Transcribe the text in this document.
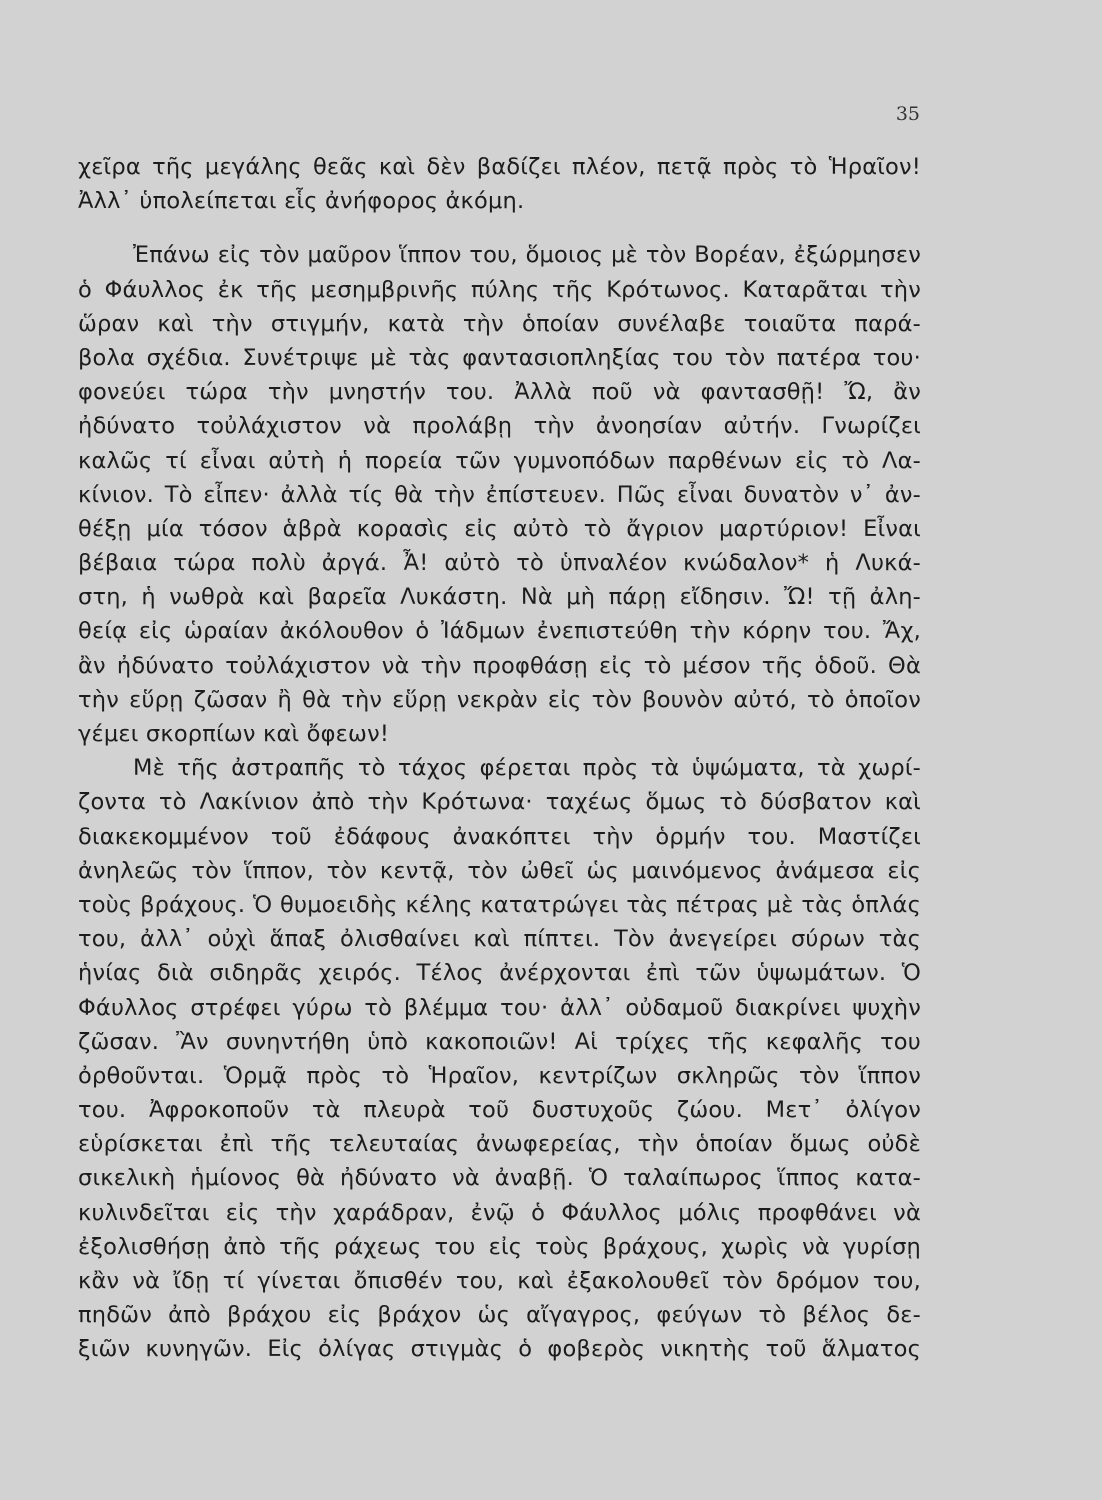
35
χεῖρα τῆς μεγάλης θεᾶς καὶ δὲν βαδίζει πλέον, πετᾷ πρὸς τὸ Ἡραῖον!
Ἀλλ᾽ ὑπολείπεται εἷς ἀνήφορος ἀκόμη.
Ἐπάνω εἰς τὸν μαῦρον ἵππον του, ὅμοιος μὲ τὸν Βορέαν, ἐξώρμησεν
ὁ Φάυλλος ἐκ τῆς μεσημβρινῆς πύλης τῆς Κρότωνος. Καταρᾶται τὴν
ὥραν καὶ τὴν στιγμήν, κατὰ τὴν ὁποίαν συνέλαβε τοιαῦτα παρά-
βολα σχέδια. Συνέτριψε μὲ τὰς φαντασιοπληξίας του τὸν πατέρα του·
φονεύει τώρα τὴν μνηστήν του. Ἀλλὰ ποῦ νὰ φαντασθῇ! Ὤ, ἂν
ἠδύνατο τοὐλάχιστον νὰ προλάβῃ τὴν ἀνοησίαν αὐτήν. Γνωρίζει
καλῶς τί εἶναι αὐτὴ ἡ πορεία τῶν γυμνοπόδων παρθένων εἰς τὸ Λα-
κίνιον. Τὸ εἶπεν· ἀλλὰ τίς θὰ τὴν ἐπίστευεν. Πῶς εἶναι δυνατὸν ν᾽ ἀν-
θέξῃ μία τόσον ἁβρὰ κορασὶς εἰς αὐτὸ τὸ ἄγριον μαρτύριον! Εἶναι
βέβαια τώρα πολὺ ἀργά. Ἆ! αὐτὸ τὸ ὑπναλέον κνώδαλον* ἡ Λυκά-
στη, ἡ νωθρὰ καὶ βαρεῖα Λυκάστη. Νὰ μὴ πάρῃ εἴδησιν. Ὤ! τῇ ἀλη-
θείᾳ εἰς ὡραίαν ἀκόλουθον ὁ Ἰάδμων ἐνεπιστεύθη τὴν κόρην του. Ἄχ,
ἂν ἠδύνατο τοὐλάχιστον νὰ τὴν προφθάσῃ εἰς τὸ μέσον τῆς ὁδοῦ. Θὰ
τὴν εὕρῃ ζῶσαν ἢ θὰ τὴν εὕρῃ νεκρὰν εἰς τὸν βουνὸν αὐτό, τὸ ὁποῖον
γέμει σκορπίων καὶ ὄφεων!
Μὲ τῆς ἀστραπῆς τὸ τάχος φέρεται πρὸς τὰ ὑψώματα, τὰ χωρί-
ζοντα τὸ Λακίνιον ἀπὸ τὴν Κρότωνα· ταχέως ὅμως τὸ δύσβατον καὶ
διακεκομμένον τοῦ ἐδάφους ἀνακόπτει τὴν ὁρμήν του. Μαστίζει
ἀνηλεῶς τὸν ἵππον, τὸν κεντᾷ, τὸν ὠθεῖ ὡς μαινόμενος ἀνάμεσα εἰς
τοὺς βράχους. Ὁ θυμοειδὴς κέλης κατατρώγει τὰς πέτρας μὲ τὰς ὁπλάς
του, ἀλλ᾽ οὐχὶ ἅπαξ ὀλισθαίνει καὶ πίπτει. Τὸν ἀνεγείρει σύρων τὰς
ἡνίας διὰ σιδηρᾶς χειρός. Τέλος ἀνέρχονται ἐπὶ τῶν ὑψωμάτων. Ὁ
Φάυλλος στρέφει γύρω τὸ βλέμμα του· ἀλλ᾽ οὐδαμοῦ διακρίνει ψυχὴν
ζῶσαν. Ἂν συνηντήθη ὑπὸ κακοποιῶν! Αἱ τρίχες τῆς κεφαλῆς του
ὀρθοῦνται. Ὁρμᾷ πρὸς τὸ Ἡραῖον, κεντρίζων σκληρῶς τὸν ἵππον
του. Ἀφροκοποῦν τὰ πλευρὰ τοῦ δυστυχοῦς ζώου. Μετ᾽ ὀλίγον
εὑρίσκεται ἐπὶ τῆς τελευταίας ἀνωφερείας, τὴν ὁποίαν ὅμως οὐδὲ
σικελικὴ ἡμίονος θὰ ἠδύνατο νὰ ἀναβῇ. Ὁ ταλαίπωρος ἵππος κατα-
κυλινδεῖται εἰς τὴν χαράδραν, ἐνῷ ὁ Φάυλλος μόλις προφθάνει νὰ
ἐξολισθήσῃ ἀπὸ τῆς ράχεως του εἰς τοὺς βράχους, χωρὶς νὰ γυρίσῃ
κἂν νὰ ἴδῃ τί γίνεται ὄπισθέν του, καὶ ἐξακολουθεῖ τὸν δρόμον του,
πηδῶν ἀπὸ βράχου εἰς βράχον ὡς αἴγαγρος, φεύγων τὸ βέλος δε-
ξιῶν κυνηγῶν. Εἰς ὀλίγας στιγμὰς ὁ φοβερὸς νικητὴς τοῦ ἅλματος
